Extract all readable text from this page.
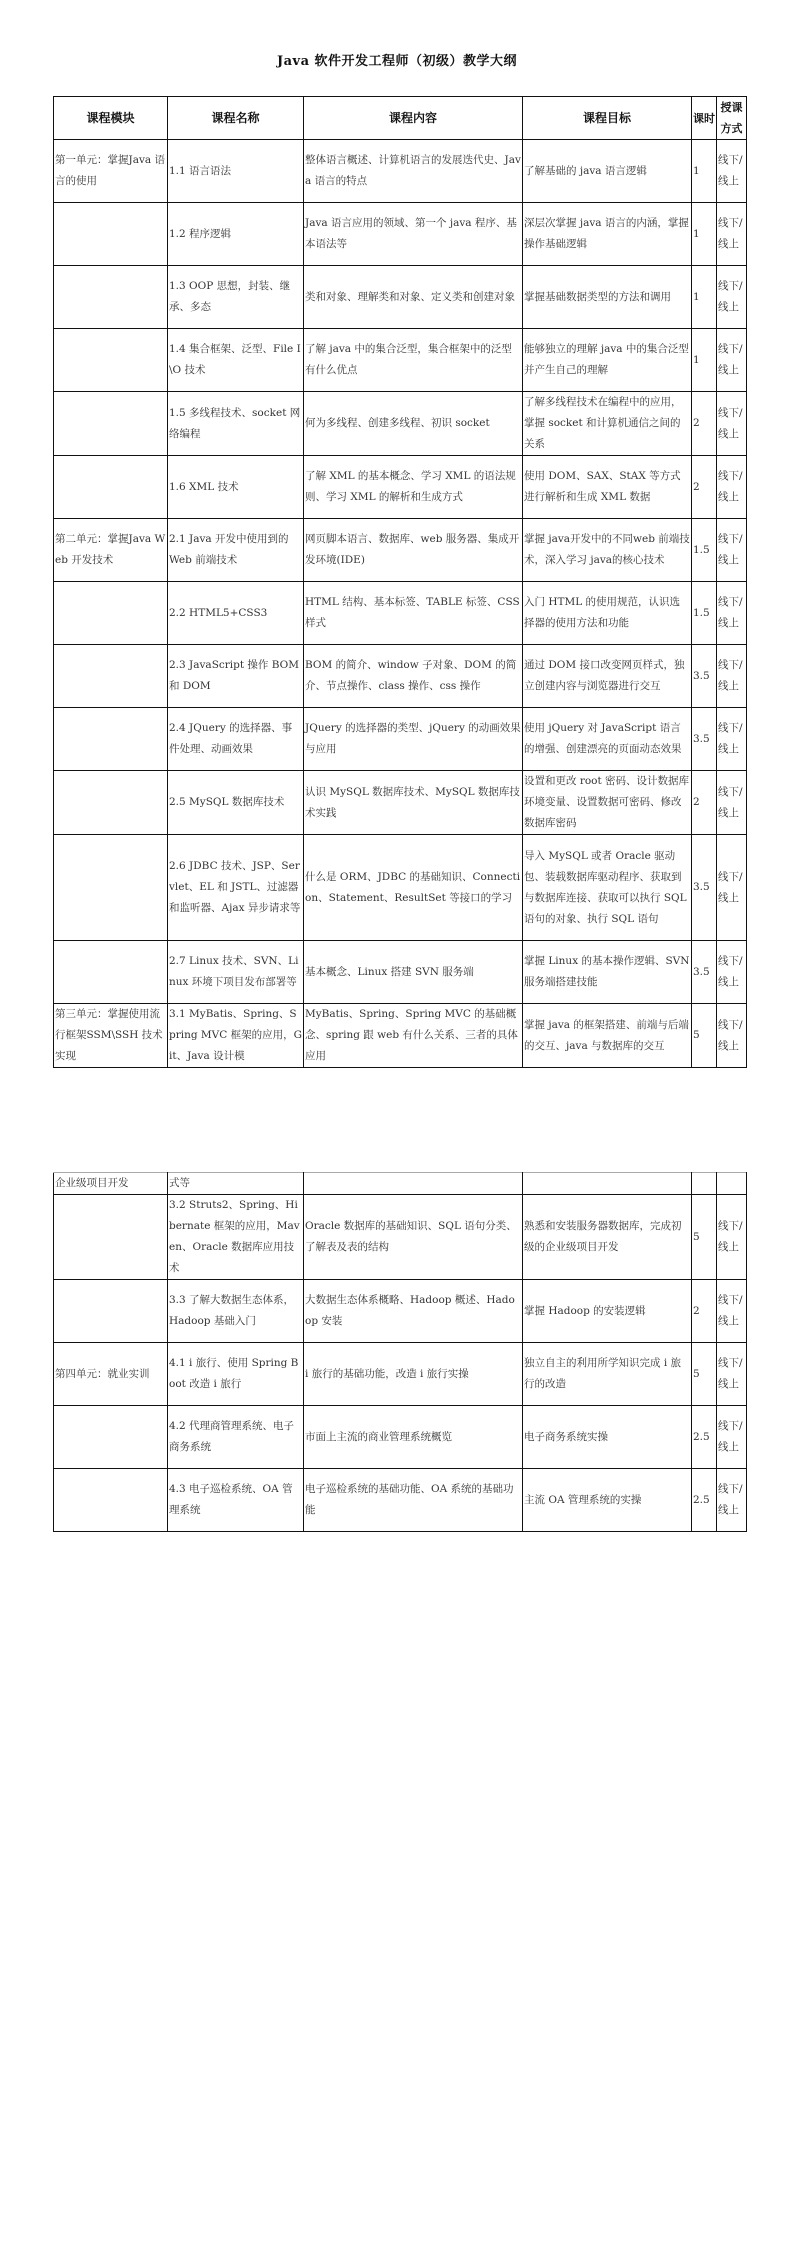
Java 软件开发工程师（初级）教学大纲
课程模块	课程名称	课程内容	课程目标	课时	授课方式
第一单元：掌握Java 语言的使用	1.1 语言语法	整体语言概述、计算机语言的发展迭代史、Java 语言的特点	了解基础的 java 语言逻辑	1	线下/ 线上
	1.2 程序逻辑	Java 语言应用的领域、第一个 java 程序、基本语法等	深层次掌握 java 语言的内涵，掌握操作基础逻辑	1	线下/ 线上
	1.3 OOP 思想，封装、继承、多态	类和对象、理解类和对象、定义类和创建对象	掌握基础数据类型的方法和调用	1	线下/ 线上
	1.4 集合框架、泛型、File I\O 技术	了解 java 中的集合泛型，集合框架中的泛型有什么优点	能够独立的理解 java 中的集合泛型并产生自己的理解	1	线下/ 线上
	1.5 多线程技术、socket 网络编程	何为多线程、创建多线程、初识 socket	了解多线程技术在编程中的应用，掌握 socket 和计算机通信之间的关系	2	线下/ 线上
	1.6 XML 技术	了解 XML 的基本概念、学习 XML 的语法规则、学习 XML 的解析和生成方式	使用 DOM、SAX、StAX 等方式进行解析和生成 XML 数据	2	线下/ 线上
第二单元：掌握Java Web 开发技术	2.1 Java 开发中使用到的 Web 前端技术	网页脚本语言、数据库、web 服务器、集成开发环境(IDE)	掌握 java开发中的不同web 前端技术，深入学习 java的核心技术	1.5	线下/ 线上
	2.2 HTML5+CSS3	HTML 结构、基本标签、TABLE 标签、CSS 样式	入门 HTML 的使用规范，认识选择器的使用方法和功能	1.5	线下/ 线上
	2.3 JavaScript 操作 BOM 和 DOM	BOM 的简介、window 子对象、DOM 的简介、节点操作、class 操作、css 操作	通过 DOM 接口改变网页样式，独立创建内容与浏览器进行交互	3.5	线下/ 线上
	2.4 JQuery 的选择器、事件处理、动画效果	JQuery 的选择器的类型、jQuery 的动画效果与应用	使用 jQuery 对 JavaScript 语言的增强、创建漂亮的页面动态效果	3.5	线下/ 线上
	2.5 MySQL 数据库技术	认识 MySQL 数据库技术、MySQL 数据库技术实践	设置和更改 root 密码、设计数据库环境变量、设置数据可密码、修改数据库密码	2	线下/ 线上
	2.6 JDBC 技术、JSP、Servlet、EL 和 JSTL、过滤器和监听器、Ajax 异步请求等	什么是 ORM、JDBC 的基础知识、Connection、Statement、ResultSet 等接口的学习	导入 MySQL 或者 Oracle 驱动包、装载数据库驱动程序、获取到与数据库连接、获取可以执行 SQL 语句的对象、执行 SQL 语句	3.5	线下/ 线上
	2.7 Linux 技术、SVN、Linux 环境下项目发布部署等	基本概念、Linux 搭建 SVN 服务端	掌握 Linux 的基本操作逻辑、SVN 服务端搭建技能	3.5	线下/ 线上
第三单元：掌握使用流行框架SSM\SSH 技术实现	3.1 MyBatis、Spring、Spring MVC 框架的应用，Git、Java 设计模	MyBatis、Spring、Spring MVC 的基础概念、spring 跟 web 有什么关系、三者的具体应用	掌握 java 的框架搭建、前端与后端的交互、java 与数据库的交互	5	线下/ 线上
企业级项目开发	式等				
	3.2 Struts2、Spring、Hibernate 框架的应用，Maven、Oracle 数据库应用技术	Oracle 数据库的基础知识、SQL 语句分类、了解表及表的结构	熟悉和安装服务器数据库，完成初级的企业级项目开发	5	线下/ 线上
	3.3 了解大数据生态体系，Hadoop 基础入门	大数据生态体系概略、Hadoop 概述、Hadoop 安装	掌握 Hadoop 的安装逻辑	2	线下/ 线上
第四单元：就业实训	4.1 i 旅行、使用 Spring Boot 改造 i 旅行	i 旅行的基础功能，改造 i 旅行实操	独立自主的利用所学知识完成 i 旅行的改造	5	线下/ 线上
	4.2 代理商管理系统、电子商务系统	市面上主流的商业管理系统概览	电子商务系统实操	2.5	线下/ 线上
	4.3 电子巡检系统、OA 管理系统	电子巡检系统的基础功能、OA 系统的基础功能	主流 OA 管理系统的实操	2.5	线下/ 线上
